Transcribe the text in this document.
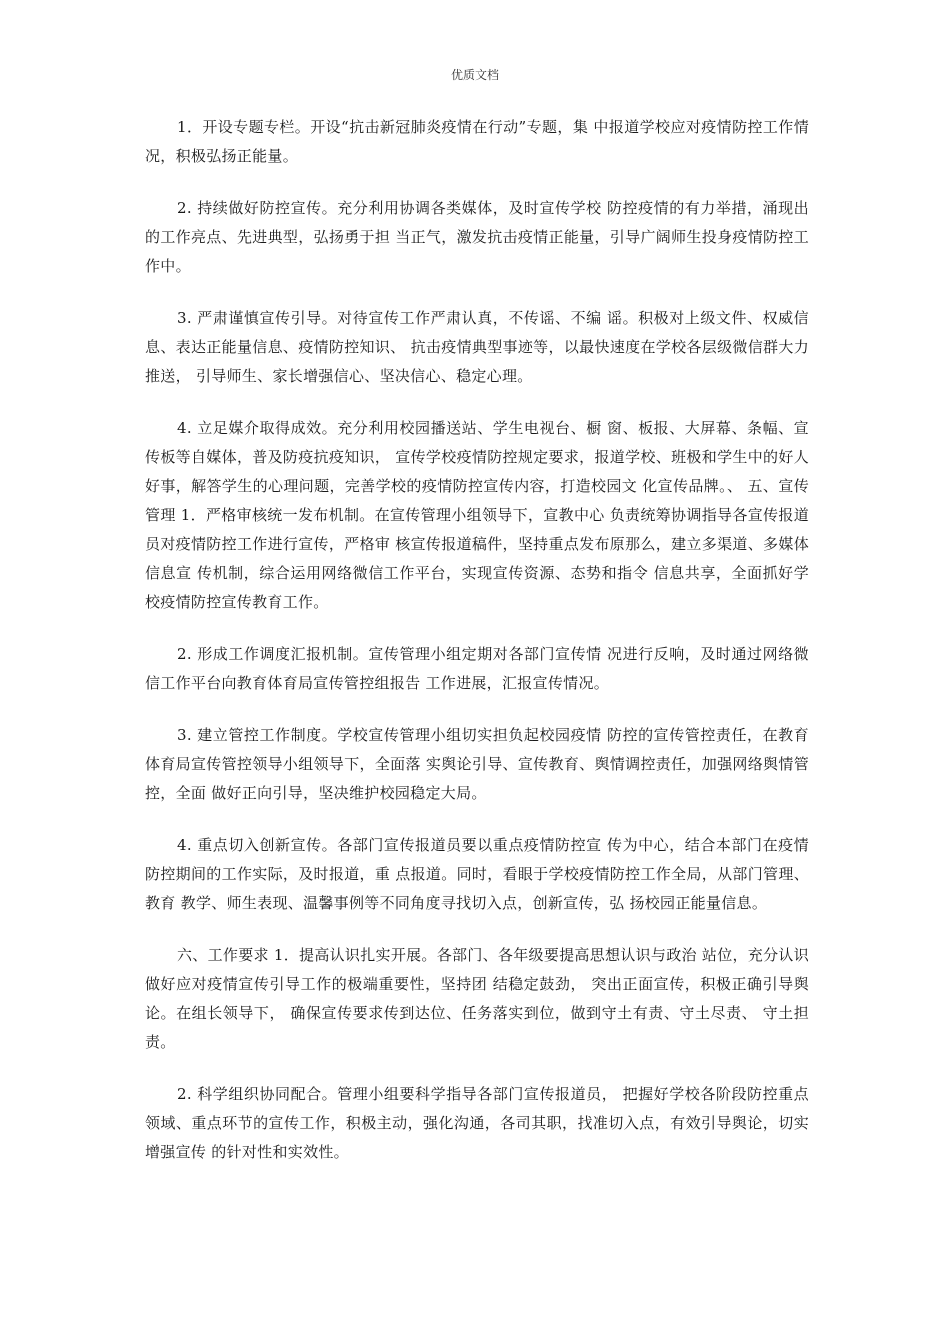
优质文档

1．开设专题专栏。开设“抗击新冠肺炎疫情在行动”专题，集 中报道学校应对疫情防控工作情况，积极弘扬正能量。

2. 持续做好防控宣传。充分利用协调各类媒体，及时宣传学校 防控疫情的有力举措，涌现出的工作亮点、先进典型，弘扬勇于担 当正气，激发抗击疫情正能量，引导广阔师生投身疫情防控工作中。

3. 严肃谨慎宣传引导。对待宣传工作严肃认真，不传谣、不编 谣。积极对上级文件、权威信息、表达正能量信息、疫情防控知识、 抗击疫情典型事迹等，以最快速度在学校各层级微信群大力推送， 引导师生、家长增强信心、坚决信心、稳定心理。

4. 立足媒介取得成效。充分利用校园播送站、学生电视台、橱 窗、板报、大屏幕、条幅、宣传板等自媒体，普及防疫抗疫知识， 宣传学校疫情防控规定要求，报道学校、班极和学生中的好人好事，解答学生的心理问题，完善学校的疫情防控宣传内容，打造校园文 化宣传品牌。、 五、宣传管理 1．严格审核统一发布机制。在宣传管理小组领导下，宣教中心 负责统筹协调指导各宣传报道员对疫情防控工作进行宣传，严格审 核宣传报道稿件，坚持重点发布原那么，建立多渠道、多媒体信息宣 传机制，综合运用网络微信工作平台，实现宣传资源、态势和指令 信息共享，全面抓好学校疫情防控宣传教育工作。

2. 形成工作调度汇报机制。宣传管理小组定期对各部门宣传情 况进行反响，及时通过网络微信工作平台向教育体育局宣传管控组报告 工作进展，汇报宣传情况。

3. 建立管控工作制度。学校宣传管理小组切实担负起校园疫情 防控的宣传管控责任，在教育体育局宣传管控领导小组领导下，全面落 实舆论引导、宣传教育、舆情调控责任，加强网络舆情管控，全面 做好正向引导，坚决维护校园稳定大局。

4. 重点切入创新宣传。各部门宣传报道员要以重点疫情防控宣 传为中心，结合本部门在疫情防控期间的工作实际，及时报道，重 点报道。同时，看眼于学校疫情防控工作全局，从部门管理、教育 教学、师生表现、温馨事例等不同角度寻找切入点，创新宣传，弘 扬校园正能量信息。

六、工作要求 1．提高认识扎实开展。各部门、各年级要提高思想认识与政治 站位，充分认识做好应对疫情宣传引导工作的极端重要性，坚持团 结稳定鼓劲， 突出正面宣传，积极正确引导舆论。在组长领导下， 确保宣传要求传到达位、任务落实到位，做到守土有责、守土尽责、 守土担责。

2. 科学组织协同配合。管理小组要科学指导各部门宣传报道员， 把握好学校各阶段防控重点领域、重点环节的宣传工作，积极主动，强化沟通，各司其职，找准切入点，有效引导舆论，切实增强宣传 的针对性和实效性。
